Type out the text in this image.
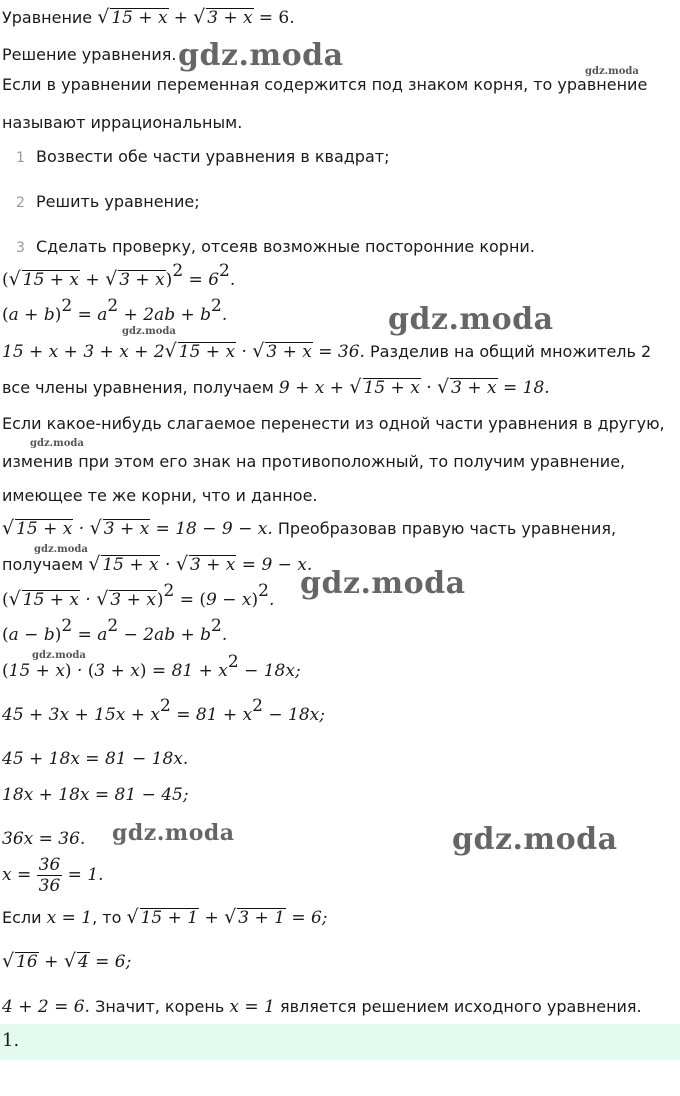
Уравнение √ 15 + x + √ 3 + x = 6.
Решение уравнения.
Если в уравнении переменная содержится под знаком корня, то уравнение
называют иррациональным.
1 Возвести обе части уравнения в квадрат;
2 Решить уравнение;
3 Сделать проверку, отсеяв возможные посторонние корни.
(√ 15 + x + √ $3 + x)^2 = 6^2$.
$(a + b)^2 = a^2 + 2ab + b^2$.
15 + x + 3 + x + 2√ 15 + x · √ 3 + x = 36. Разделив на общий множитель 2
все члены уравнения, получаем 9 + x + √ 15 + x · √ 3 + x = 18.
Если какое-нибудь слагаемое перенести из одной части уравнения в другую,
изменив при этом его знак на противоположный, то получим уравнение,
имеющее те же корни, что и данное.
√ 15 + x · √ 3 + x = 18 − 9 − x. Преобразовав правую часть уравнения,
получаем √ 15 + x · √ 3 + x = 9 − x.
(√ 15 + x · √ $3 + x)^2 = (9 - x)^2$.
$(a - b)^2 = a^2 - 2ab + b^2$.
$(15 + x) \cdot (3 + x) = 81 + x^2 - 18x$;
$45 + 3x + 15x + x^2 = 81 + x^2 - 18x$;
45 + 18x = 81 − 18x.
18x + 18x = 81 − 45;
36x = 36.
$x = \frac{36}{36} = 1$.
Если x = 1, то √ 15 + 1 + √ 3 + 1 = 6;
√ 16 + √ 4 = 6;
4 + 2 = 6. Значит, корень x = 1 является решением исходного уравнения.
1.
gdz.moda	gdz.moda
gdz.moda
gdz.moda
gdz.moda
gdz.moda
gdz.moda
gdz.moda
gdz.moda	gdz.moda
